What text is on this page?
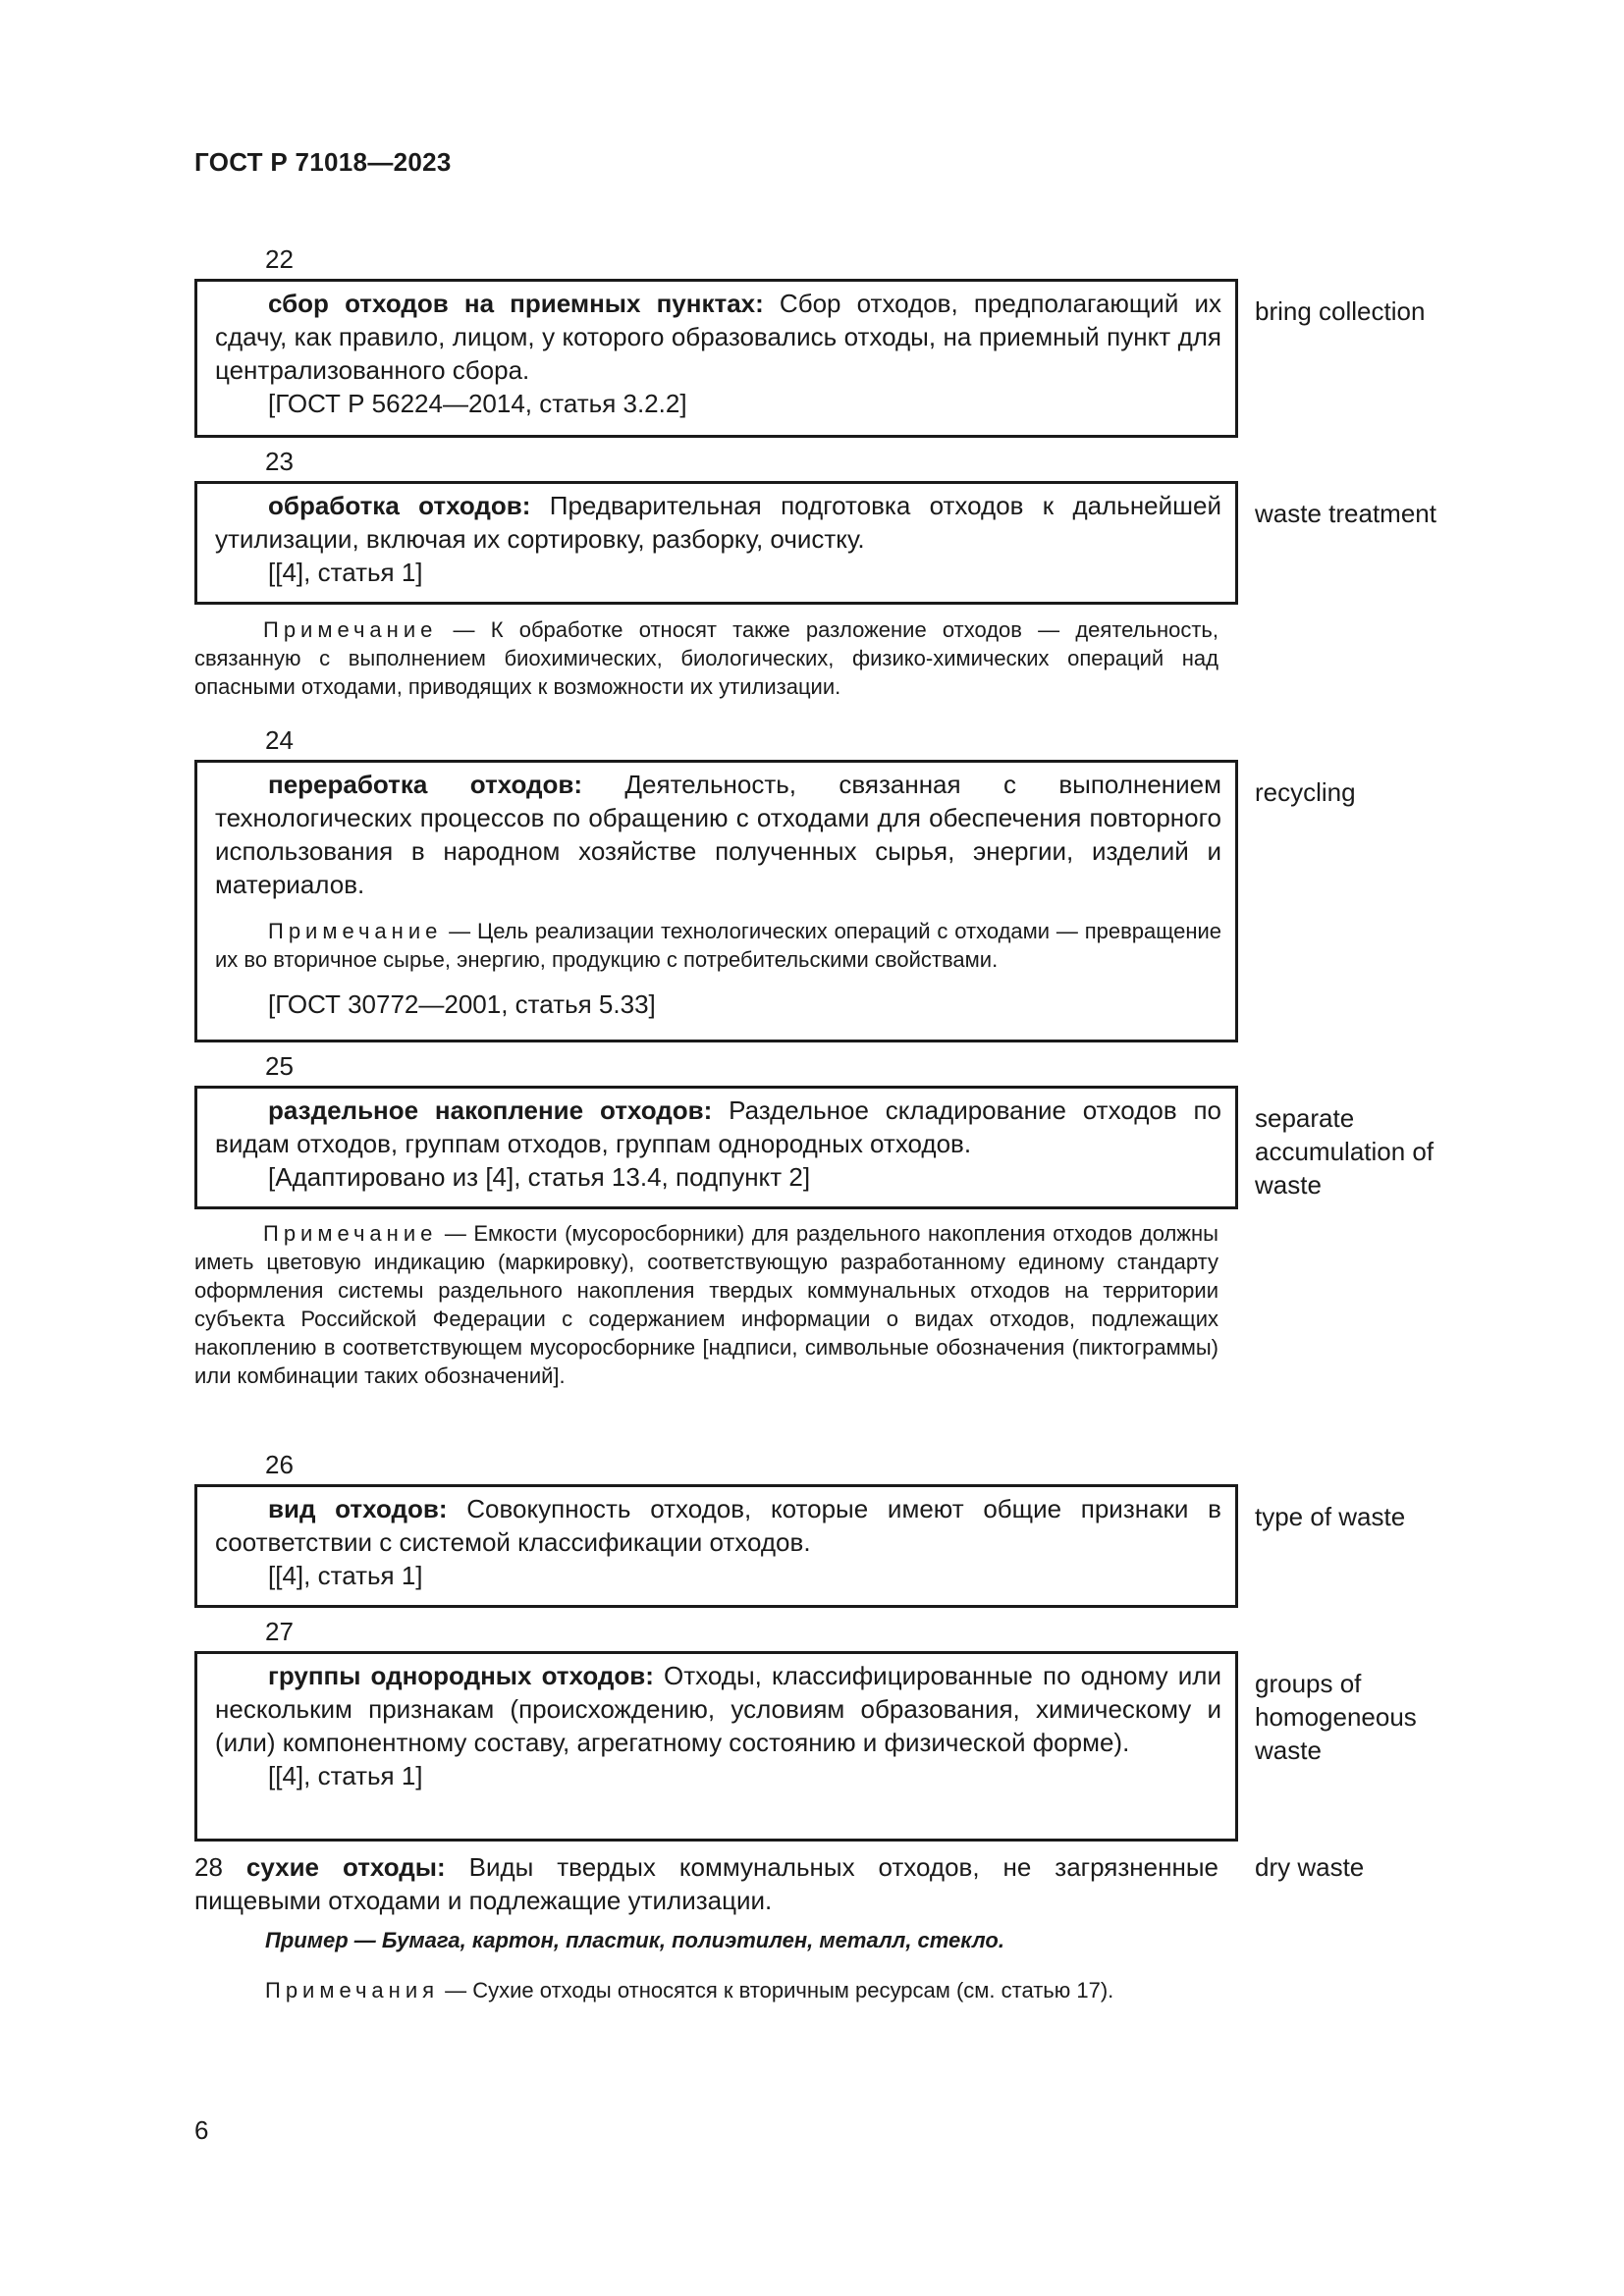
ГОСТ Р 71018—2023
22

сбор отходов на приемных пунктах: Сбор отходов, предполагающий их сдачу, как правило, лицом, у которого образовались отходы, на приемный пункт для централизованного сбора.

[ГОСТ Р 56224—2014, статья 3.2.2]

bring collection
23

обработка отходов: Предварительная подготовка отходов к дальнейшей утилизации, включая их сортировку, разборку, очистку.

[[4], статья 1]

waste treatment
Примечание — К обработке относят также разложение отходов — деятельность, связанную с выполнением биохимических, биологических, физико-химических операций над опасными отходами, приводящих к возможности их утилизации.
24

переработка отходов: Деятельность, связанная с выполнением технологических процессов по обращению с отходами для обеспечения повторного использования в народном хозяйстве полученных сырья, энергии, изделий и материалов.

Примечание — Цель реализации технологических операций с отходами — превращение их во вторичное сырье, энергию, продукцию с потребительскими свойствами.

[ГОСТ 30772—2001, статья 5.33]

recycling
25

раздельное накопление отходов: Раздельное складирование отходов по видам отходов, группам отходов, группам однородных отходов.

[Адаптировано из [4], статья 13.4, подпункт 2]

separate accumulation of waste
Примечание — Емкости (мусоросборники) для раздельного накопления отходов должны иметь цветовую индикацию (маркировку), соответствующую разработанному единому стандарту оформления системы раздельного накопления твердых коммунальных отходов на территории субъекта Российской Федерации с содержанием информации о видах отходов, подлежащих накоплению в соответствующем мусоросборнике [надписи, символьные обозначения (пиктограммы) или комбинации таких обозначений].
26

вид отходов: Совокупность отходов, которые имеют общие признаки в соответствии с системой классификации отходов.

[[4], статья 1]

type of waste
27

группы однородных отходов: Отходы, классифицированные по одному или нескольким признакам (происхождению, условиям образования, химическому и (или) компонентному составу, агрегатному состоянию и физической форме).

[[4], статья 1]

groups of homogeneous waste
28 сухие отходы: Виды твердых коммунальных отходов, не загрязненные пищевыми отходами и подлежащие утилизации.
dry waste
Пример — Бумага, картон, пластик, полиэтилен, металл, стекло.
Примечания — Сухие отходы относятся к вторичным ресурсам (см. статью 17).
6
